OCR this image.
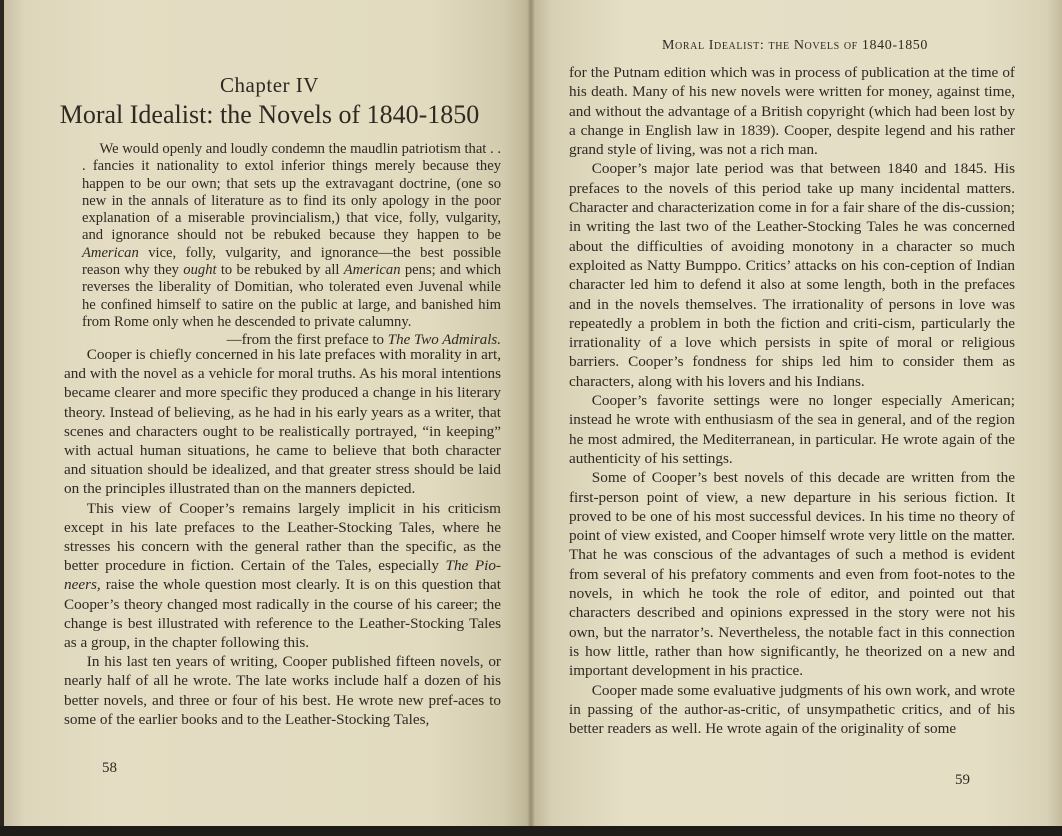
Chapter IV
Moral Idealist: the Novels of 1840-1850

We would openly and loudly condemn the maudlin patriotism that . . . fancies it nationality to extol inferior things merely because they happen to be our own; that sets up the extravagant doctrine, (one so new in the annals of literature as to find its only apology in the poor explanation of a miserable provincialism,) that vice, folly, vulgarity, and ignorance should not be rebuked because they happen to be American vice, folly, vulgarity, and ignorance—the best possible reason why they ought to be rebuked by all American pens; and which reverses the liberality of Domitian, who tolerated even Juvenal while he confined himself to satire on the public at large, and banished him from Rome only when he descended to private calumny.

—from the first preface to The Two Admirals.

Cooper is chiefly concerned in his late prefaces with morality in art, and with the novel as a vehicle for moral truths. As his moral intentions became clearer and more specific they produced a change in his literary theory. Instead of believing, as he had in his early years as a writer, that scenes and characters ought to be realistically portrayed, “in keeping” with actual human situations, he came to believe that both character and situation should be idealized, and that greater stress should be laid on the principles illustrated than on the manners depicted.

This view of Cooper’s remains largely implicit in his criticism except in his late prefaces to the Leather-Stocking Tales, where he stresses his concern with the general rather than the specific, as the better procedure in fiction. Certain of the Tales, especially The Pio-neers, raise the whole question most clearly. It is on this question that Cooper’s theory changed most radically in the course of his career; the change is best illustrated with reference to the Leather-Stocking Tales as a group, in the chapter following this.

In his last ten years of writing, Cooper published fifteen novels, or nearly half of all he wrote. The late works include half a dozen of his better novels, and three or four of his best. He wrote new pref-aces to some of the earlier books and to the Leather-Stocking Tales,

58
Moral Idealist: the Novels of 1840-1850

for the Putnam edition which was in process of publication at the time of his death. Many of his new novels were written for money, against time, and without the advantage of a British copyright (which had been lost by a change in English law in 1839). Cooper, despite legend and his rather grand style of living, was not a rich man.

Cooper’s major late period was that between 1840 and 1845. His prefaces to the novels of this period take up many incidental matters. Character and characterization come in for a fair share of the dis-cussion; in writing the last two of the Leather-Stocking Tales he was concerned about the difficulties of avoiding monotony in a character so much exploited as Natty Bumppo. Critics’ attacks on his con-ception of Indian character led him to defend it also at some length, both in the prefaces and in the novels themselves. The irrationality of persons in love was repeatedly a problem in both the fiction and criti-cism, particularly the irrationality of a love which persists in spite of moral or religious barriers. Cooper’s fondness for ships led him to consider them as characters, along with his lovers and his Indians.

Cooper’s favorite settings were no longer especially American; instead he wrote with enthusiasm of the sea in general, and of the region he most admired, the Mediterranean, in particular. He wrote again of the authenticity of his settings.

Some of Cooper’s best novels of this decade are written from the first-person point of view, a new departure in his serious fiction. It proved to be one of his most successful devices. In his time no theory of point of view existed, and Cooper himself wrote very little on the matter. That he was conscious of the advantages of such a method is evident from several of his prefatory comments and even from foot-notes to the novels, in which he took the role of editor, and pointed out that characters described and opinions expressed in the story were not his own, but the narrator’s. Nevertheless, the notable fact in this connection is how little, rather than how significantly, he theorized on a new and important development in his practice.

Cooper made some evaluative judgments of his own work, and wrote in passing of the author-as-critic, of unsympathetic critics, and of his better readers as well. He wrote again of the originality of some

59
